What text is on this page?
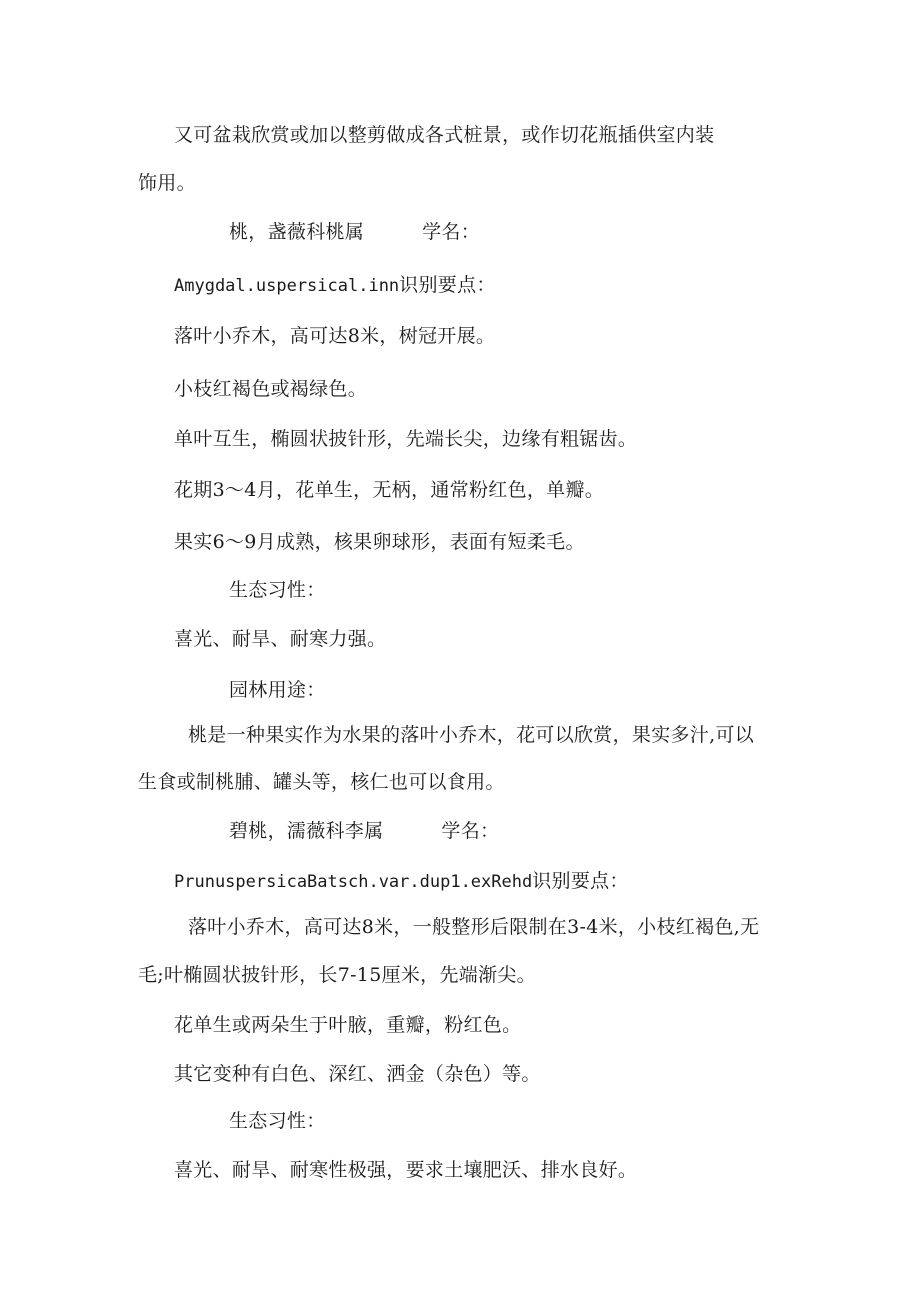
又可盆栽欣赏或加以整剪做成各式桩景，或作切花瓶插供室内装
饰用。
桃，盏薇科桃属	学名：
Amygdal.uspersical.inn识别要点：
落叶小乔木，高可达8米，树冠开展。
小枝红褐色或褐绿色。
单叶互生，椭圆状披针形，先端长尖，边缘有粗锯齿。
花期3～4月，花单生，无柄，通常粉红色，单瓣。
果实6～9月成熟，核果卵球形，表面有短柔毛。
生态习性：
喜光、耐旱、耐寒力强。
园林用途：
桃是一种果实作为水果的落叶小乔木，花可以欣赏，果实多汁,可以
生食或制桃脯、罐头等，核仁也可以食用。
碧桃，濡薇科李属	学名：
PrunuspersicaBatsch.var.dup1.exRehd识别要点：
落叶小乔木，高可达8米，一般整形后限制在3-4米，小枝红褐色,无
毛;叶椭圆状披针形，长7-15厘米，先端渐尖。
花单生或两朵生于叶腋，重瓣，粉红色。
其它变种有白色、深红、洒金（杂色）等。
生态习性：
喜光、耐旱、耐寒性极强，要求土壤肥沃、排水良好。
